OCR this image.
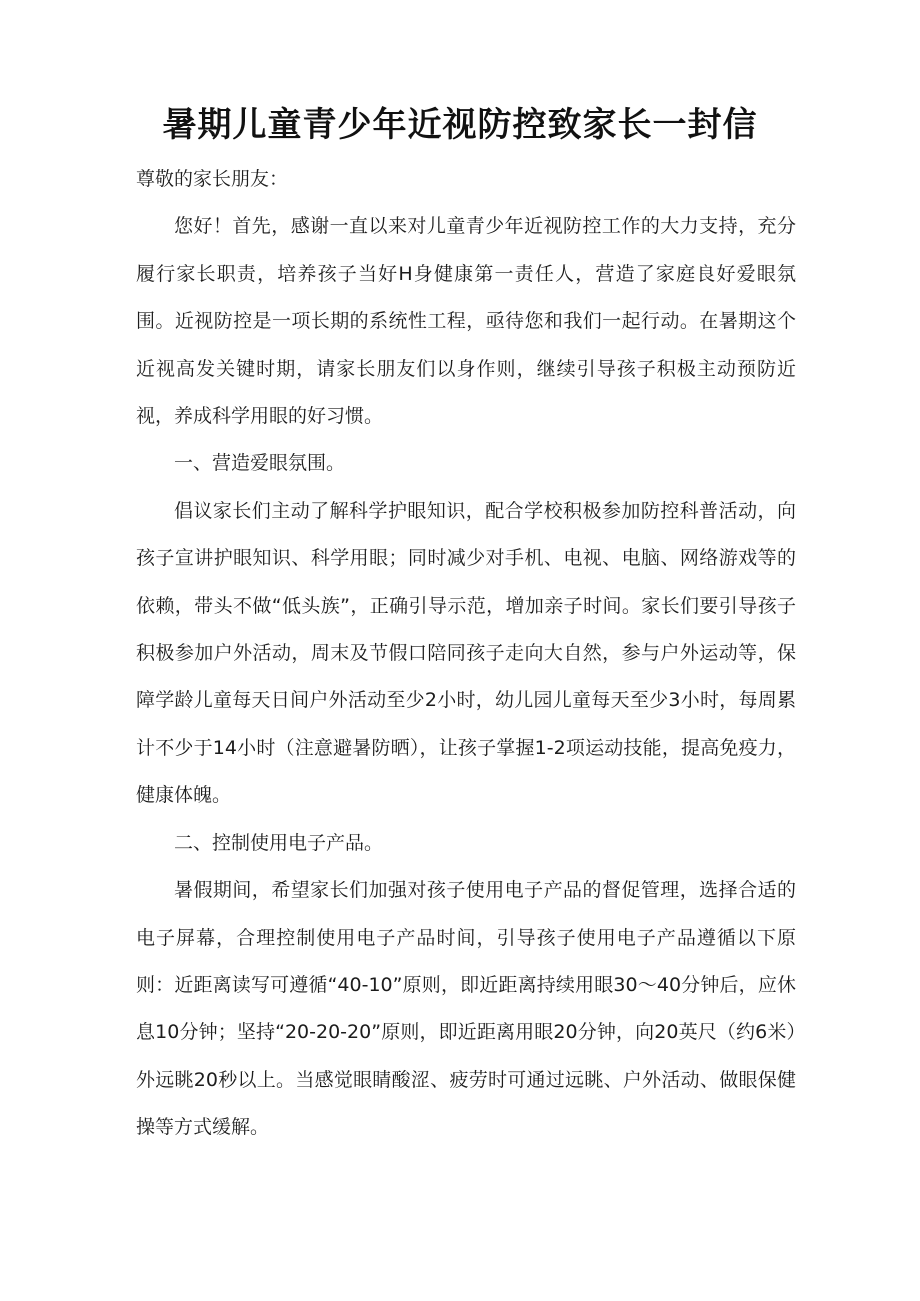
暑期儿童青少年近视防控致家长一封信

尊敬的家长朋友：

您好！首先，感谢一直以来对儿童青少年近视防控工作的大力支持，充分履行家长职责，培养孩子当好H身健康第一责任人，营造了家庭良好爱眼氛围。近视防控是一项长期的系统性工程，亟待您和我们一起行动。在暑期这个近视高发关键时期，请家长朋友们以身作则，继续引导孩子积极主动预防近视，养成科学用眼的好习惯。

一、营造爱眼氛围。

倡议家长们主动了解科学护眼知识，配合学校积极参加防控科普活动，向孩子宣讲护眼知识、科学用眼；同时减少对手机、电视、电脑、网络游戏等的依赖，带头不做“低头族”，正确引导示范，增加亲子时间。家长们要引导孩子积极参加户外活动，周末及节假口陪同孩子走向大自然，参与户外运动等，保障学龄儿童每天日间户外活动至少2小时，幼儿园儿童每天至少3小时，每周累计不少于14小时（注意避暑防晒），让孩子掌握1-2项运动技能，提高免疫力，健康体魄。

二、控制使用电子产品。

暑假期间，希望家长们加强对孩子使用电子产品的督促管理，选择合适的电子屏幕，合理控制使用电子产品时间，引导孩子使用电子产品遵循以下原则：近距离读写可遵循“40-10”原则，即近距离持续用眼30～40分钟后，应休息10分钟；坚持“20-20-20”原则，即近距离用眼20分钟，向20英尺（约6米）外远眺20秒以上。当感觉眼睛酸涩、疲劳时可通过远眺、户外活动、做眼保健操等方式缓解。
